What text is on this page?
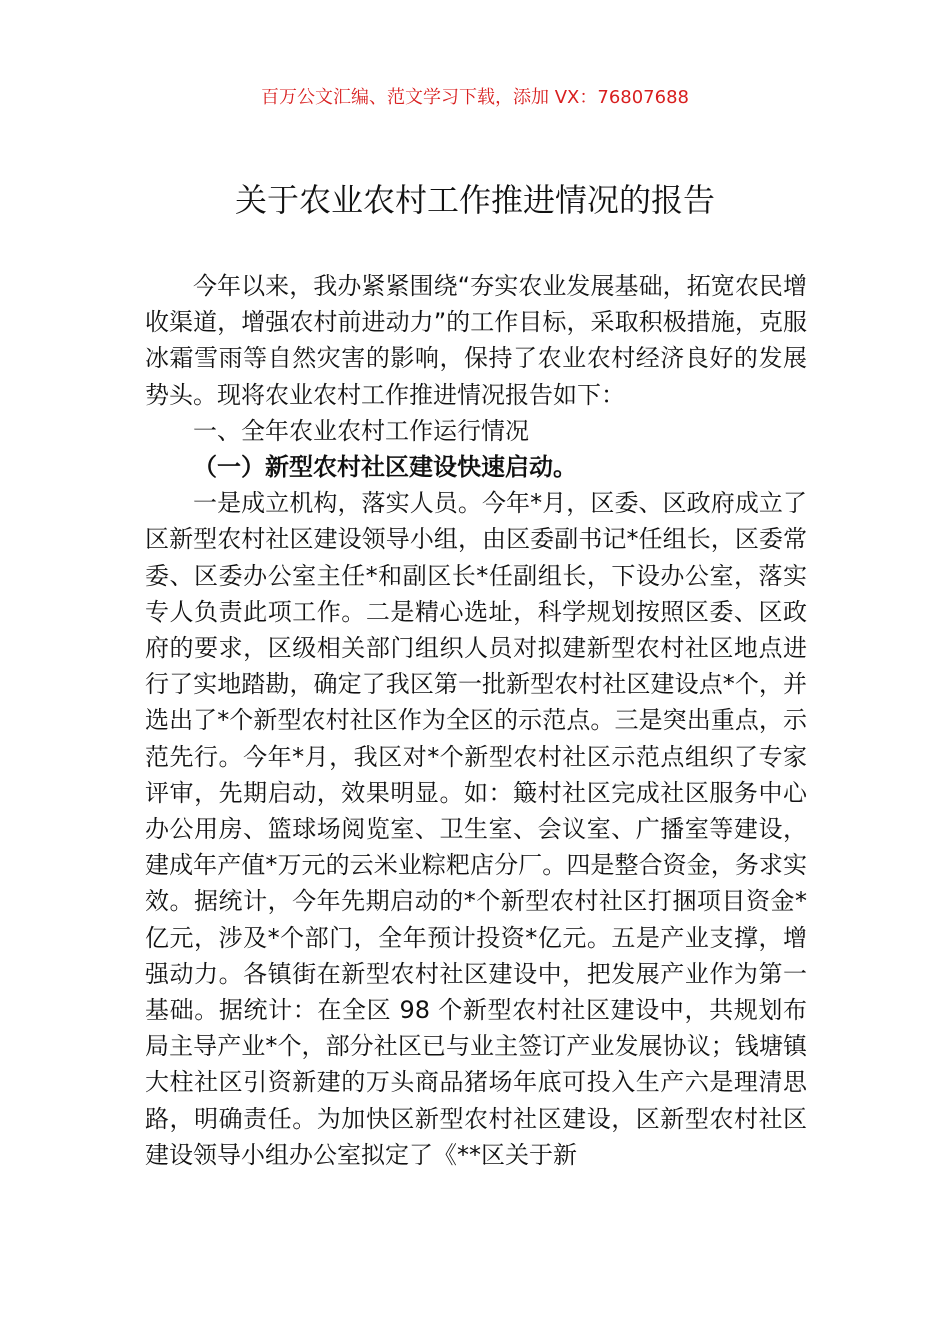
百万公文汇编、范文学习下载，添加 VX：76807688
关于农业农村工作推进情况的报告

今年以来，我办紧紧围绕“夯实农业发展基础，拓宽农民增收渠道，增强农村前进动力”的工作目标，采取积极措施，克服冰霜雪雨等自然灾害的影响，保持了农业农村经济良好的发展势头。现将农业农村工作推进情况报告如下：

一、全年农业农村工作运行情况

（一）新型农村社区建设快速启动。

一是成立机构，落实人员。今年*月，区委、区政府成立了区新型农村社区建设领导小组，由区委副书记*任组长，区委常委、区委办公室主任*和副区长*任副组长，下设办公室，落实专人负责此项工作。二是精心选址，科学规划按照区委、区政府的要求，区级相关部门组织人员对拟建新型农村社区地点进行了实地踏勘，确定了我区第一批新型农村社区建设点*个，并选出了*个新型农村社区作为全区的示范点。三是突出重点，示范先行。今年*月，我区对*个新型农村社区示范点组织了专家评审，先期启动，效果明显。如：簸村社区完成社区服务中心办公用房、篮球场阅览室、卫生室、会议室、广播室等建设，建成年产值*万元的云米业粽粑店分厂。四是整合资金，务求实效。据统计，今年先期启动的*个新型农村社区打捆项目资金*亿元，涉及*个部门，全年预计投资*亿元。五是产业支撑，增强动力。各镇街在新型农村社区建设中，把发展产业作为第一基础。据统计：在全区 98 个新型农村社区建设中，共规划布局主导产业*个，部分社区已与业主签订产业发展协议；钱塘镇大柱社区引资新建的万头商品猪场年底可投入生产六是理清思路，明确责任。为加快区新型农村社区建设，区新型农村社区建设领导小组办公室拟定了《**区关于新
